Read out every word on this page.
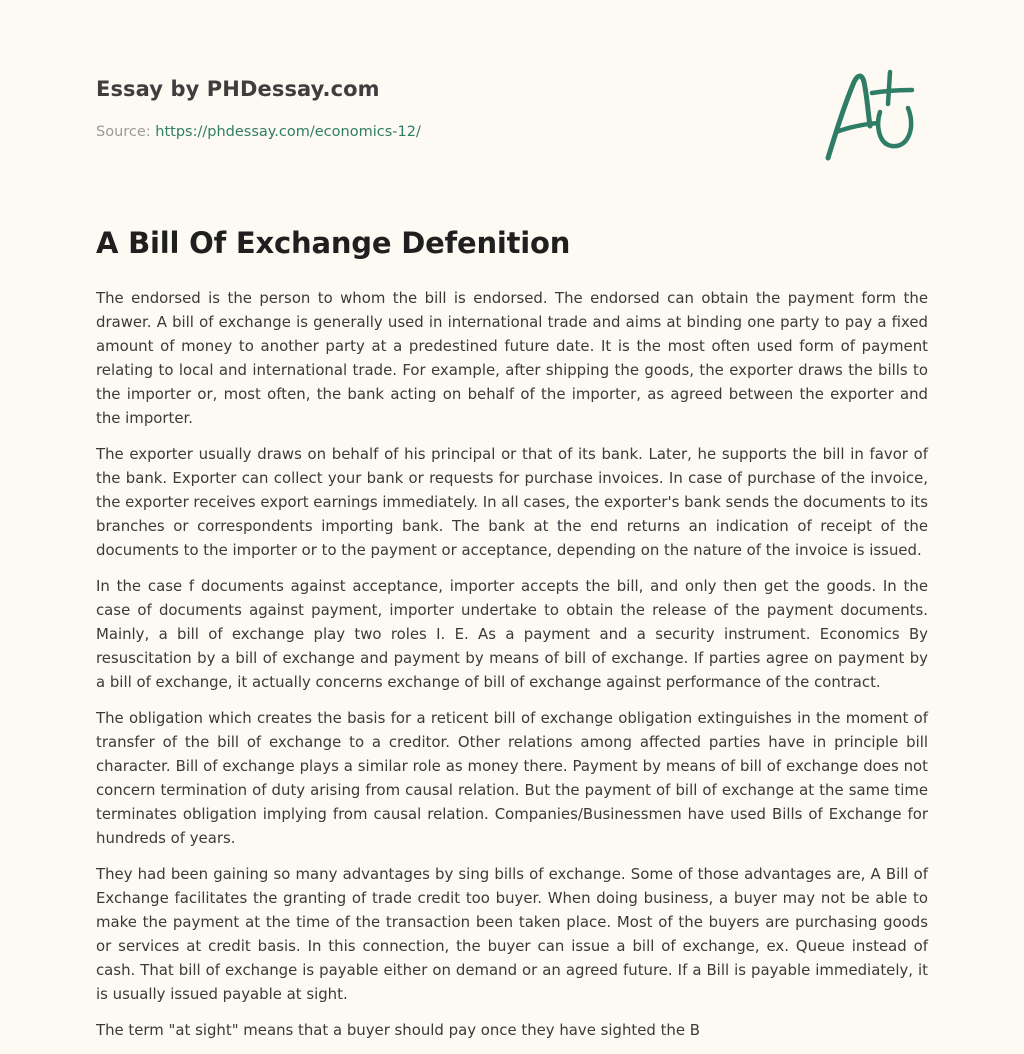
Essay by PHDessay.com
Source: https://phdessay.com/economics-12/
A Bill Of Exchange Defenition

The endorsed is the person to whom the bill is endorsed. The endorsed can obtain the payment form the drawer. A bill of exchange is generally used in international trade and aims at binding one party to pay a fixed amount of money to another party at a predestined future date. It is the most often used form of payment relating to local and international trade. For example, after shipping the goods, the exporter draws the bills to the importer or, most often, the bank acting on behalf of the importer, as agreed between the exporter and the importer.

The exporter usually draws on behalf of his principal or that of its bank. Later, he supports the bill in favor of the bank. Exporter can collect your bank or requests for purchase invoices. In case of purchase of the invoice, the exporter receives export earnings immediately. In all cases, the exporter's bank sends the documents to its branches or correspondents importing bank. The bank at the end returns an indication of receipt of the documents to the importer or to the payment or acceptance, depending on the nature of the invoice is issued.

In the case f documents against acceptance, importer accepts the bill, and only then get the goods. In the case of documents against payment, importer undertake to obtain the release of the payment documents. Mainly, a bill of exchange play two roles I. E. As a payment and a security instrument. Economics By resuscitation by a bill of exchange and payment by means of bill of exchange. If parties agree on payment by a bill of exchange, it actually concerns exchange of bill of exchange against performance of the contract.

The obligation which creates the basis for a reticent bill of exchange obligation extinguishes in the moment of transfer of the bill of exchange to a creditor. Other relations among affected parties have in principle bill character. Bill of exchange plays a similar role as money there. Payment by means of bill of exchange does not concern termination of duty arising from causal relation. But the payment of bill of exchange at the same time terminates obligation implying from causal relation. Companies/Businessmen have used Bills of Exchange for hundreds of years.

They had been gaining so many advantages by sing bills of exchange. Some of those advantages are, A Bill of Exchange facilitates the granting of trade credit too buyer. When doing business, a buyer may not be able to make the payment at the time of the transaction been taken place. Most of the buyers are purchasing goods or services at credit basis. In this connection, the buyer can issue a bill of exchange, ex. Queue instead of cash. That bill of exchange is payable either on demand or an agreed future. If a Bill is payable immediately, it is usually issued payable at sight.

The term "at sight" means that a buyer should pay once they have sighted the B
